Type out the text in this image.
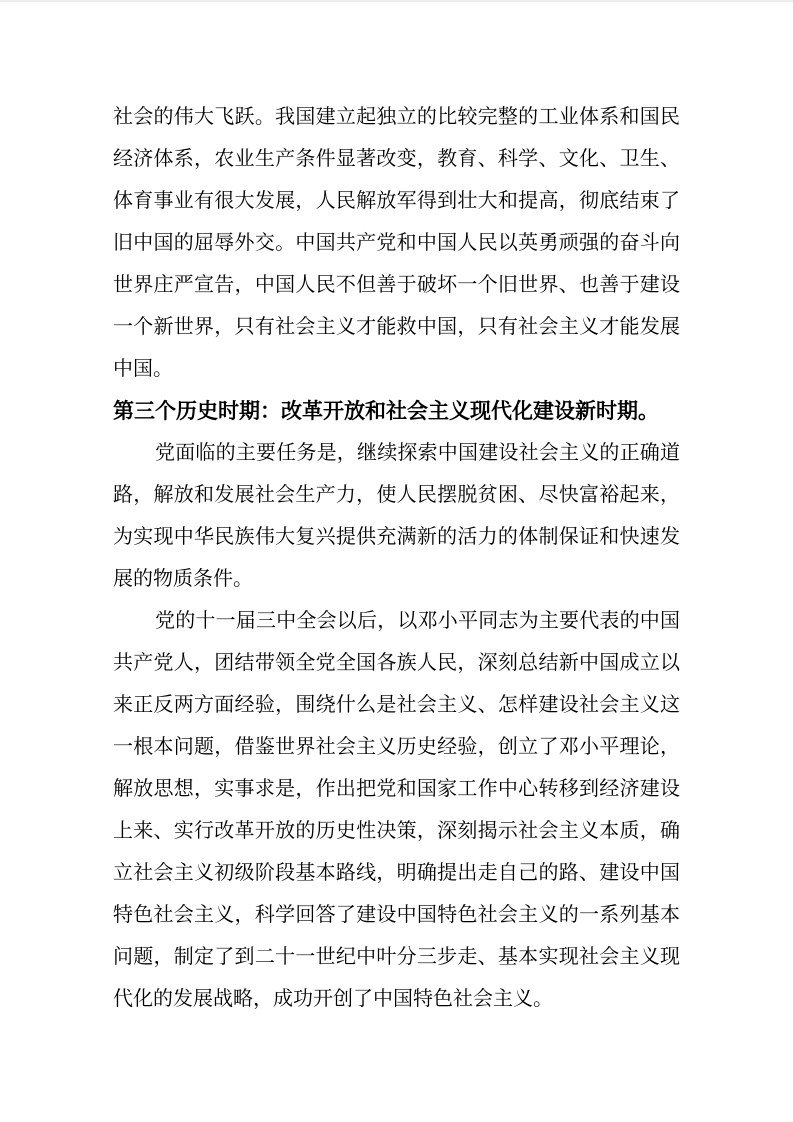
社会的伟大飞跃。我国建立起独立的比较完整的工业体系和国民
经济体系，农业生产条件显著改变，教育、科学、文化、卫生、
体育事业有很大发展，人民解放军得到壮大和提高，彻底结束了
旧中国的屈辱外交。中国共产党和中国人民以英勇顽强的奋斗向
世界庄严宣告，中国人民不但善于破坏一个旧世界、也善于建设
一个新世界，只有社会主义才能救中国，只有社会主义才能发展
中国。
第三个历史时期：改革开放和社会主义现代化建设新时期。
党面临的主要任务是，继续探索中国建设社会主义的正确道
路，解放和发展社会生产力，使人民摆脱贫困、尽快富裕起来，
为实现中华民族伟大复兴提供充满新的活力的体制保证和快速发
展的物质条件。
党的十一届三中全会以后，以邓小平同志为主要代表的中国
共产党人，团结带领全党全国各族人民，深刻总结新中国成立以
来正反两方面经验，围绕什么是社会主义、怎样建设社会主义这
一根本问题，借鉴世界社会主义历史经验，创立了邓小平理论，
解放思想，实事求是，作出把党和国家工作中心转移到经济建设
上来、实行改革开放的历史性决策，深刻揭示社会主义本质，确
立社会主义初级阶段基本路线，明确提出走自己的路、建设中国
特色社会主义，科学回答了建设中国特色社会主义的一系列基本
问题，制定了到二十一世纪中叶分三步走、基本实现社会主义现
代化的发展战略，成功开创了中国特色社会主义。
